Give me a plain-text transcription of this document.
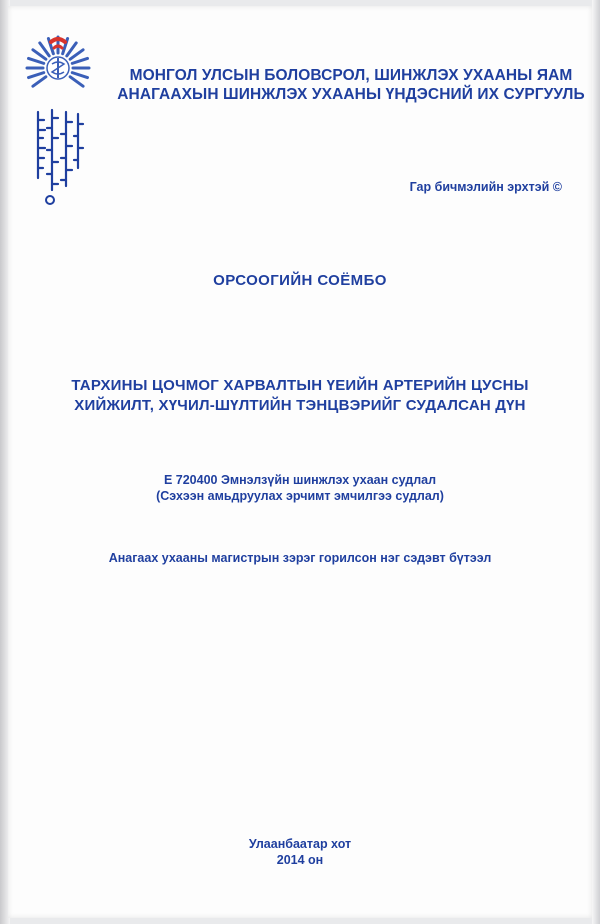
МОНГОЛ УЛСЫН БОЛОВСРОЛ, ШИНЖЛЭХ УХААНЫ ЯАМ
АНАГААХЫН ШИНЖЛЭХ УХААНЫ ҮНДЭСНИЙ ИХ СУРГУУЛЬ
Гар бичмэлийн эрхтэй ©
ОРСООГИЙН СОЁМБО
ТАРХИНЫ ЦОЧМОГ ХАРВАЛТЫН ҮЕИЙН АРТЕРИЙН ЦУСНЫ
ХИЙЖИЛТ, ХҮЧИЛ-ШҮЛТИЙН ТЭНЦВЭРИЙГ СУДАЛСАН ДҮН
Е 720400 Эмнэлзүйн шинжлэх ухаан судлал
(Сэхээн амьдруулах эрчимт эмчилгээ судлал)
Анагаах ухааны магистрын зэрэг горилсон нэг сэдэвт бүтээл
Улаанбаатар хот
2014 он
